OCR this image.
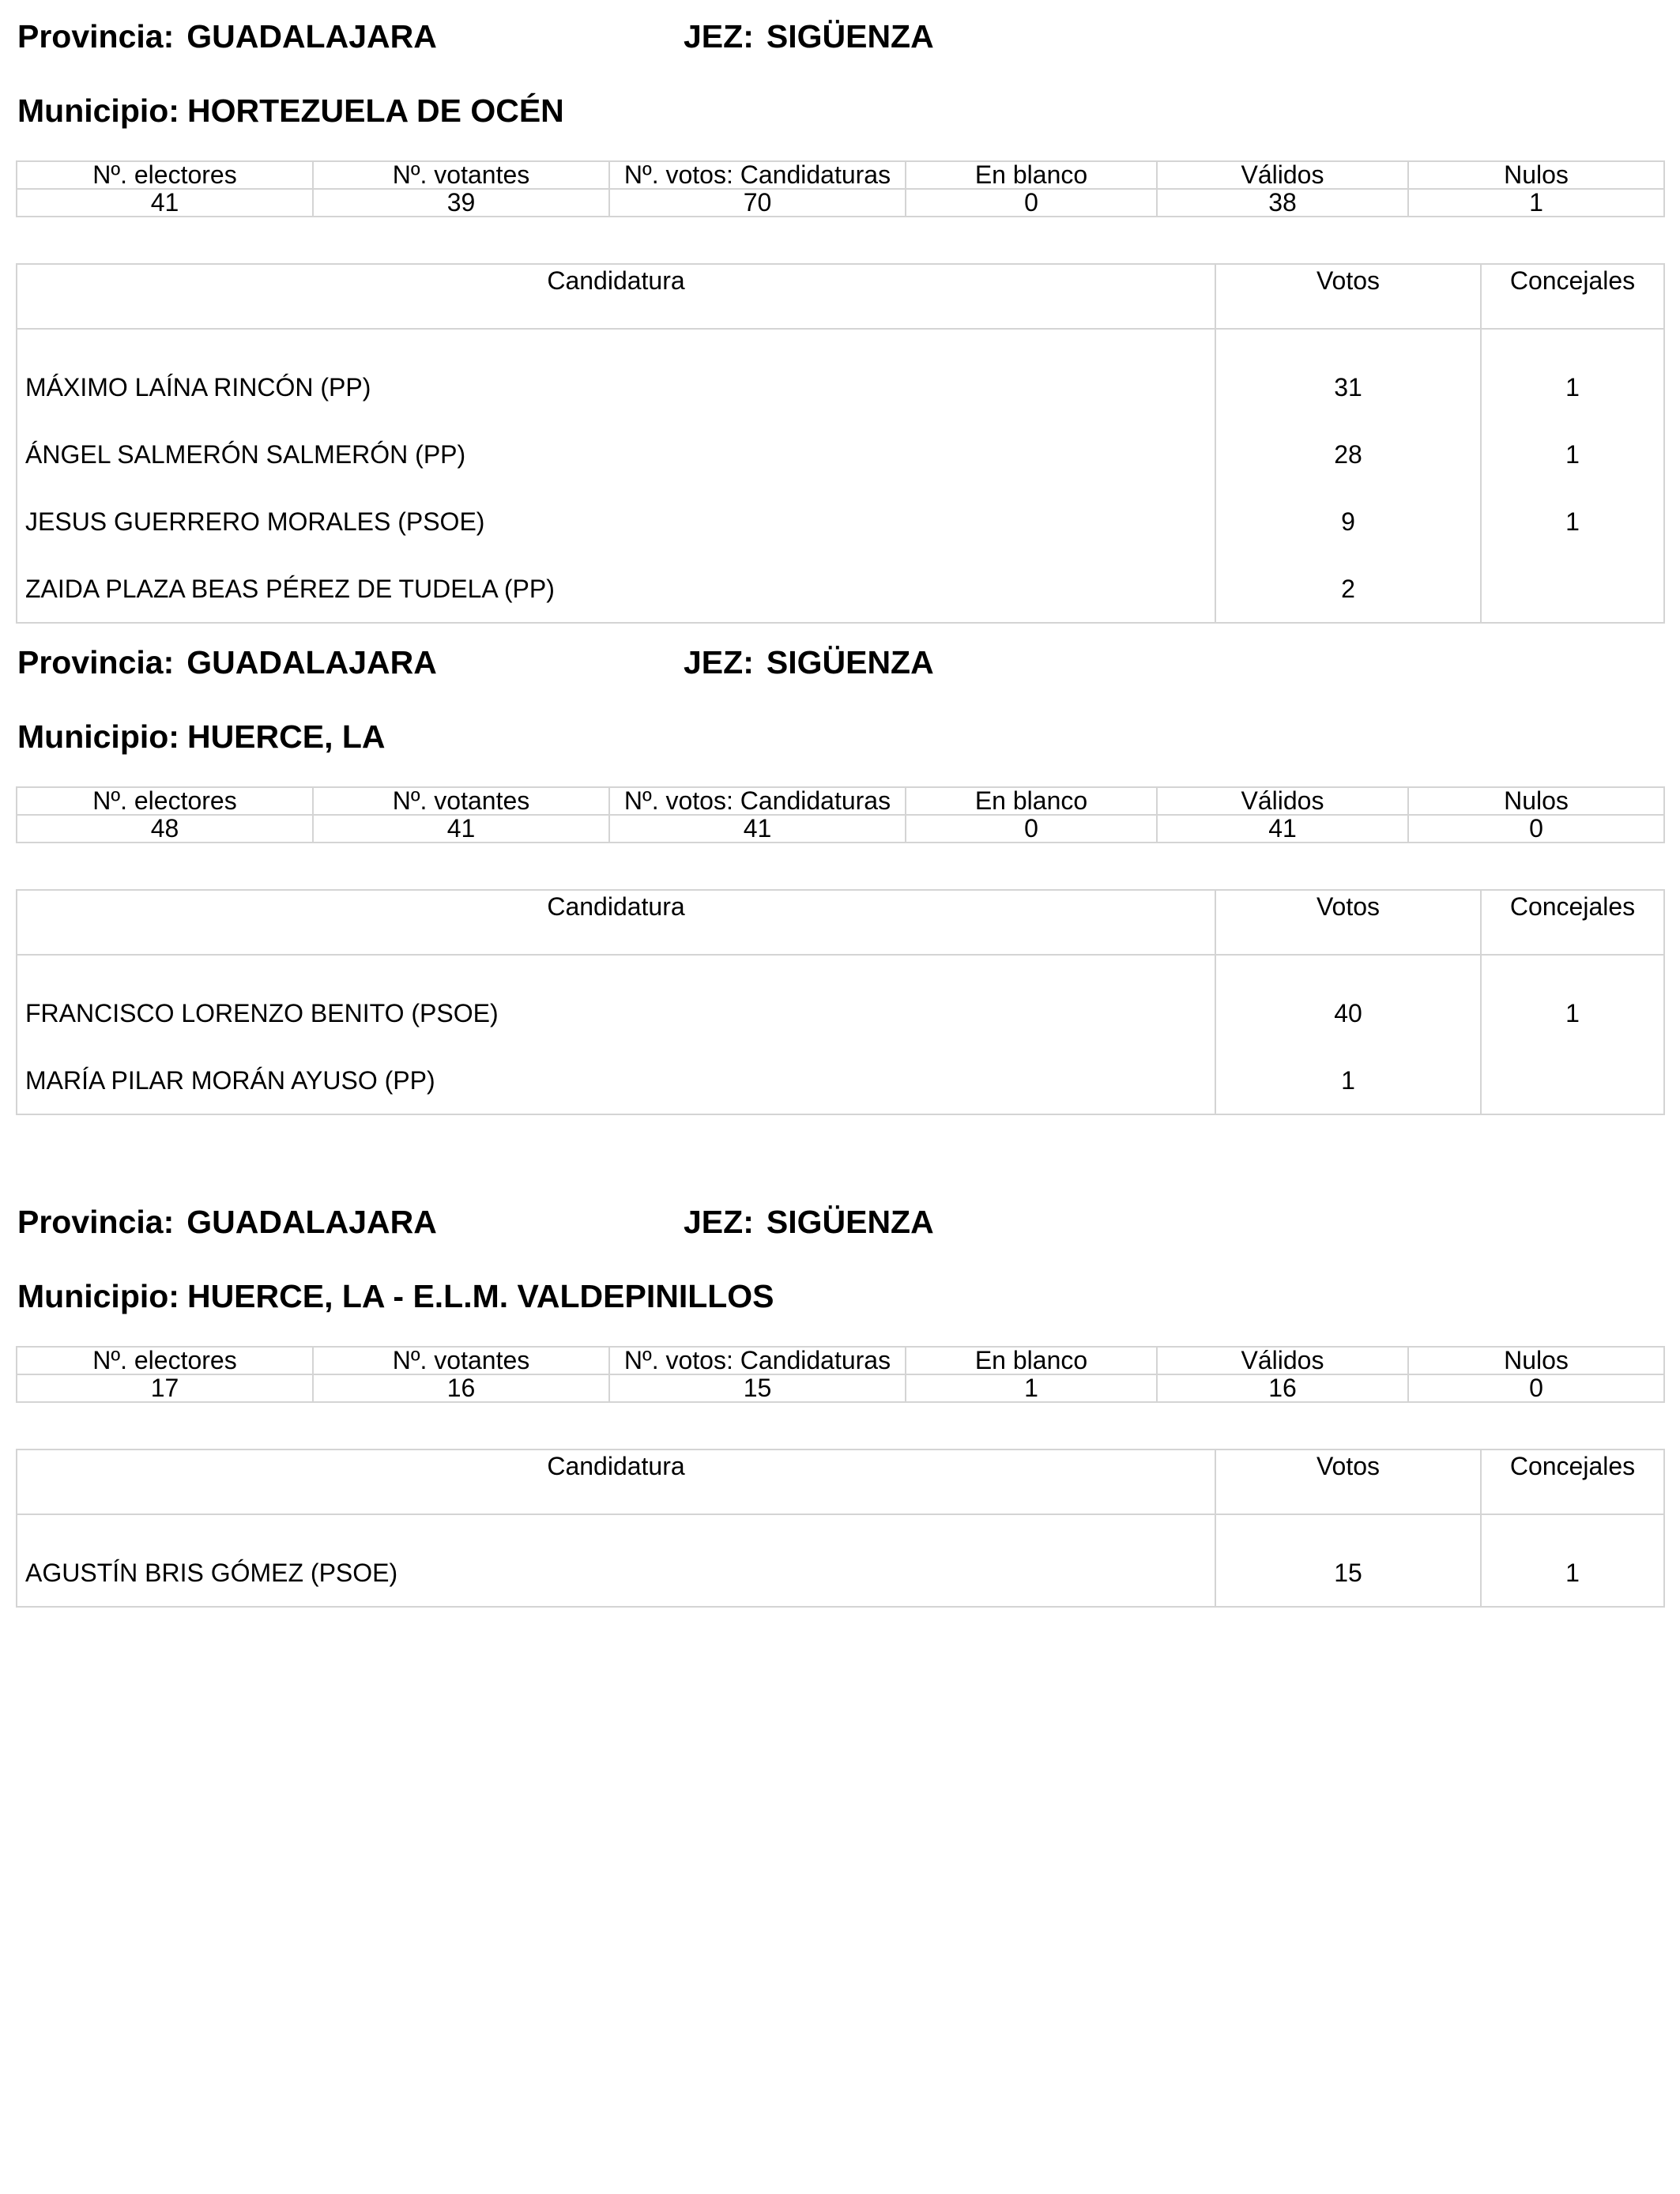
Provincia: GUADALAJARA	JEZ: SIGÜENZA
Municipio: HORTEZUELA DE OCÉN
Nº. electores	Nº. votantes	Nº. votos: Candidaturas	En blanco	Válidos	Nulos
41	39	70	0	38	1
Candidatura	Votos	Concejales
MÁXIMO LAÍNA RINCÓN (PP)	31	1
ÁNGEL SALMERÓN SALMERÓN (PP)	28	1
JESUS GUERRERO MORALES (PSOE)	9	1
ZAIDA PLAZA BEAS PÉREZ DE TUDELA (PP)	2	
Provincia: GUADALAJARA	JEZ: SIGÜENZA
Municipio: HUERCE, LA
Nº. electores	Nº. votantes	Nº. votos: Candidaturas	En blanco	Válidos	Nulos
48	41	41	0	41	0
Candidatura	Votos	Concejales
FRANCISCO LORENZO BENITO (PSOE)	40	1
MARÍA PILAR MORÁN AYUSO (PP)	1	
Provincia: GUADALAJARA	JEZ: SIGÜENZA
Municipio: HUERCE, LA - E.L.M. VALDEPINILLOS
Nº. electores	Nº. votantes	Nº. votos: Candidaturas	En blanco	Válidos	Nulos
17	16	15	1	16	0
Candidatura	Votos	Concejales
AGUSTÍN BRIS GÓMEZ (PSOE)	15	1
